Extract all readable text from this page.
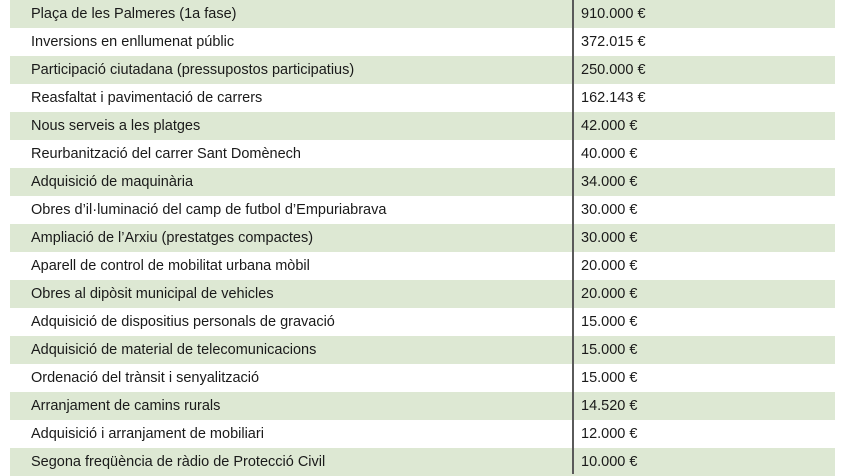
Plaça de les Palmeres (1a fase)	910.000 €
Inversions en enllumenat públic	372.015 €
Participació ciutadana (pressupostos participatius)	250.000 €
Reasfaltat i pavimentació de carrers	162.143 €
Nous serveis a les platges	42.000 €
Reurbanització del carrer Sant Domènech	40.000 €
Adquisició de maquinària	34.000 €
Obres d’il·luminació del camp de futbol d’Empuriabrava	30.000 €
Ampliació de l’Arxiu (prestatges compactes)	30.000 €
Aparell de control de mobilitat urbana mòbil	20.000 €
Obres al dipòsit municipal de vehicles	20.000 €
Adquisició de dispositius personals de gravació	15.000 €
Adquisició de material de telecomunicacions	15.000 €
Ordenació del trànsit i senyalització	15.000 €
Arranjament de camins rurals	14.520 €
Adquisició i arranjament de mobiliari	12.000 €
Segona freqüència de ràdio de Protecció Civil	10.000 €
